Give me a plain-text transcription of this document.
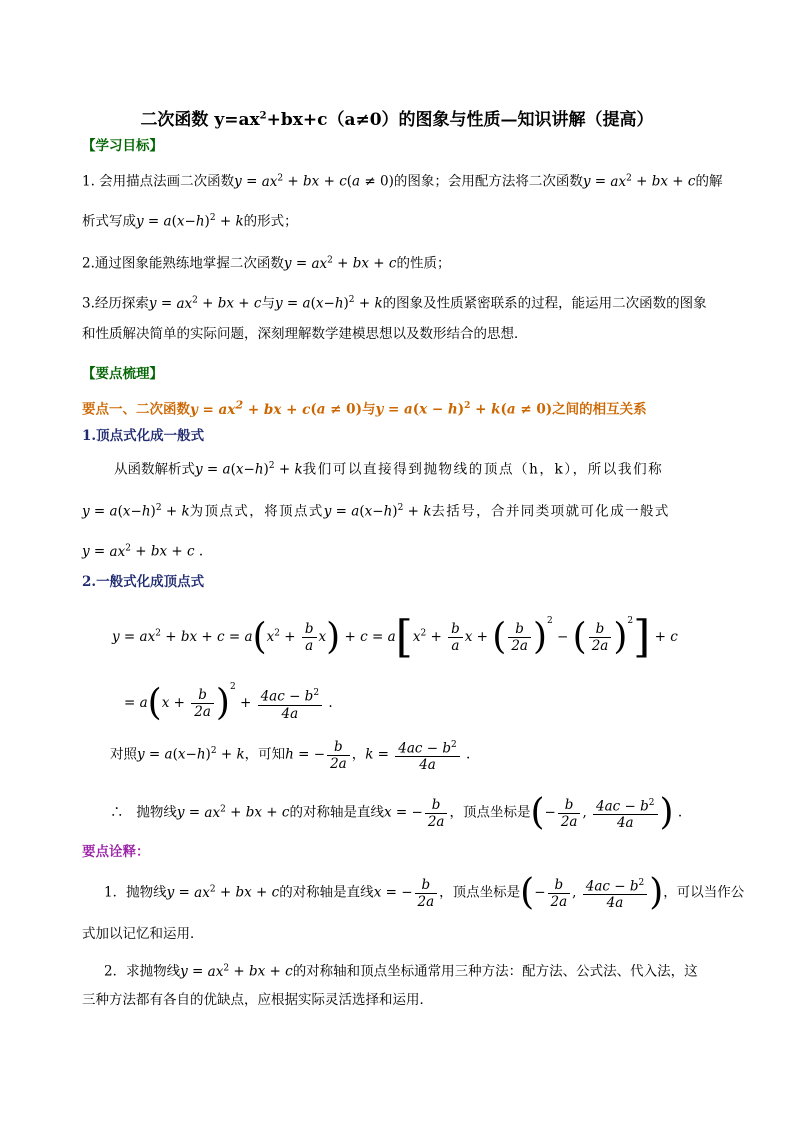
二次函数 $y=ax^2+bx+c(a\ne 0)$的图象与性质—知识讲解（提高）
【学习目标】
1. 会用描点法画二次函数$y = ax^2$ + bx + c(a ≠ 0)的图象；会用配方法将二次函数$y = ax^2$ + bx + c的解
析式写成$y = a(x-h)^2 + k$的形式；
2.通过图象能熟练地掌握二次函数$y = ax^2$ + bx + c的性质；
3.经历探索$y = ax^2$ + bx + c与$y = a(x-h)^2 + k$的图象及性质紧密联系的过程，能运用二次函数的图象
和性质解决简单的实际问题，深刻理解数学建模思想以及数形结合的思想．
【要点梳理】
要点一、二次函数$y = ax^2$ + bx + c(a ≠ 0)与$y = a(x - h)^2 + k(a \ne 0)$之间的相互关系
1.顶点式化成一般式
从函数解析式$y = a(x-h)^2 + k$我们可以直接得到抛物线的顶点（h，k），所以我们称
$y = a(x-h)^2 + k$为顶点式，将顶点式$y = a(x-h)^2 + k$去括号，合并同类项就可化成一般式
$y = ax^2$ + bx + c .
2.一般式化成顶点式
$y = ax^2$ + bx + $c = a(x^2 + \frac{b}{a} x) + c = a[x^2 + \frac{b}{a}$ x + ( $\frac{b}{2a} )^2$ − ( $\frac{b}{2a} )^2] + c$
= $a(x + \frac{b}{2a} )^2 + \frac{4ac - b^2}{4a}$ .
对照$y = a(x-h)^2 + k$，可知h = − $\frac{b}{2a}$ ，$k = \frac{4ac - b^2}{4a}$ .
∴ 抛物线$y = ax^2$ + bx + c的对称轴是直线x = − $\frac{b}{2a}$ ，顶点坐标是(− $\frac{b}{2a}$ , $\frac{4ac - b^2}{4a}$ ) .
要点诠释：
1．抛物线$y = ax^2$ + bx + c的对称轴是直线x = − $\frac{b}{2a}$ ，顶点坐标是(− $\frac{b}{2a}$ , $\frac{4ac - b^2}{4a}$ )，可以当作公
式加以记忆和运用．
2．求抛物线$y = ax^2$ + bx + c的对称轴和顶点坐标通常用三种方法：配方法、公式法、代入法，这
三种方法都有各自的优缺点，应根据实际灵活选择和运用．
